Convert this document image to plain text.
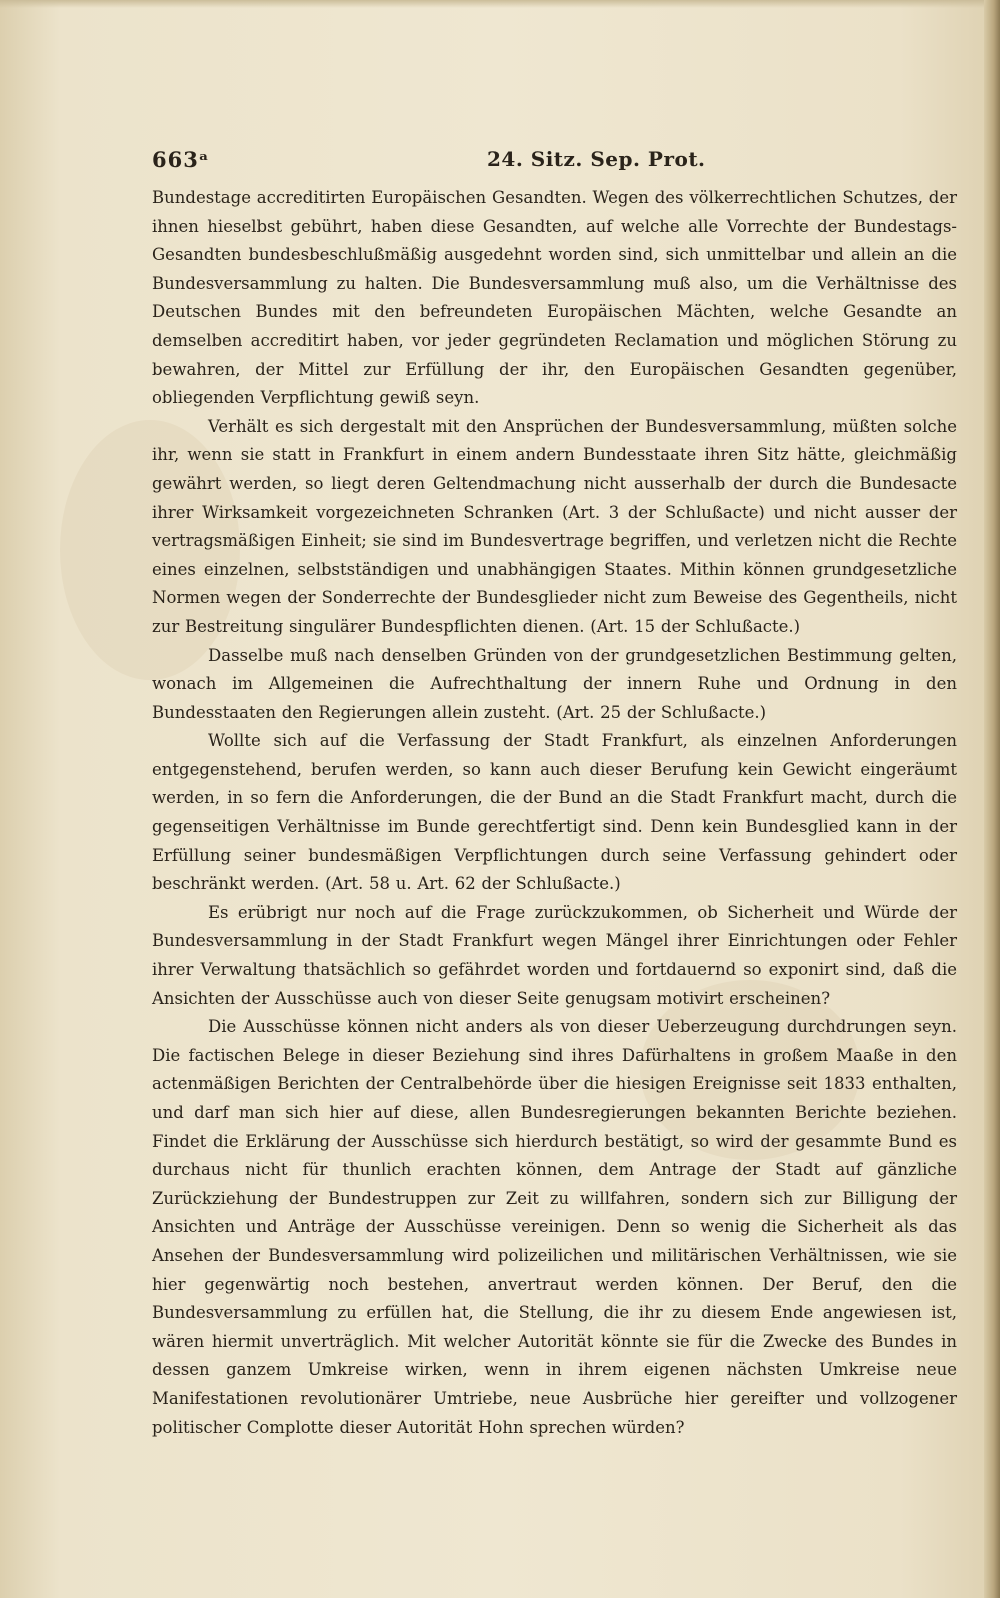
663ᵃ	24. Sitz. Sep. Prot.

Bundestage accreditirten Europäischen Gesandten. Wegen des völkerrechtlichen Schutzes, der ihnen hieselbst gebührt, haben diese Gesandten, auf welche alle Vorrechte der Bundestags-Gesandten bundesbeschlußmäßig ausgedehnt worden sind, sich unmittelbar und allein an die Bundesversammlung zu halten. Die Bundesversammlung muß also, um die Verhältnisse des Deutschen Bundes mit den befreundeten Europäischen Mächten, welche Gesandte an demselben accreditirt haben, vor jeder gegründeten Reclamation und möglichen Störung zu bewahren, der Mittel zur Erfüllung der ihr, den Europäischen Gesandten gegenüber, obliegenden Verpflichtung gewiß seyn.

Verhält es sich dergestalt mit den Ansprüchen der Bundesversammlung, müßten solche ihr, wenn sie statt in Frankfurt in einem andern Bundesstaate ihren Sitz hätte, gleichmäßig gewährt werden, so liegt deren Geltendmachung nicht ausserhalb der durch die Bundesacte ihrer Wirksamkeit vorgezeichneten Schranken (Art. 3 der Schlußacte) und nicht ausser der vertragsmäßigen Einheit; sie sind im Bundesvertrage begriffen, und verletzen nicht die Rechte eines einzelnen, selbstständigen und unabhängigen Staates. Mithin können grundgesetzliche Normen wegen der Sonderrechte der Bundesglieder nicht zum Beweise des Gegentheils, nicht zur Bestreitung singulärer Bundespflichten dienen. (Art. 15 der Schlußacte.)

Dasselbe muß nach denselben Gründen von der grundgesetzlichen Bestimmung gelten, wonach im Allgemeinen die Aufrechthaltung der innern Ruhe und Ordnung in den Bundesstaaten den Regierungen allein zusteht. (Art. 25 der Schlußacte.)

Wollte sich auf die Verfassung der Stadt Frankfurt, als einzelnen Anforderungen entgegenstehend, berufen werden, so kann auch dieser Berufung kein Gewicht eingeräumt werden, in so fern die Anforderungen, die der Bund an die Stadt Frankfurt macht, durch die gegenseitigen Verhältnisse im Bunde gerechtfertigt sind. Denn kein Bundesglied kann in der Erfüllung seiner bundesmäßigen Verpflichtungen durch seine Verfassung gehindert oder beschränkt werden. (Art. 58 u. Art. 62 der Schlußacte.)

Es erübrigt nur noch auf die Frage zurückzukommen, ob Sicherheit und Würde der Bundesversammlung in der Stadt Frankfurt wegen Mängel ihrer Einrichtungen oder Fehler ihrer Verwaltung thatsächlich so gefährdet worden und fortdauernd so exponirt sind, daß die Ansichten der Ausschüsse auch von dieser Seite genugsam motivirt erscheinen?

Die Ausschüsse können nicht anders als von dieser Ueberzeugung durchdrungen seyn. Die factischen Belege in dieser Beziehung sind ihres Dafürhaltens in großem Maaße in den actenmäßigen Berichten der Centralbehörde über die hiesigen Ereignisse seit 1833 enthalten, und darf man sich hier auf diese, allen Bundesregierungen bekannten Berichte beziehen. Findet die Erklärung der Ausschüsse sich hierdurch bestätigt, so wird der gesammte Bund es durchaus nicht für thunlich erachten können, dem Antrage der Stadt auf gänzliche Zurückziehung der Bundestruppen zur Zeit zu willfahren, sondern sich zur Billigung der Ansichten und Anträge der Ausschüsse vereinigen. Denn so wenig die Sicherheit als das Ansehen der Bundesversammlung wird polizeilichen und militärischen Verhältnissen, wie sie hier gegenwärtig noch bestehen, anvertraut werden können. Der Beruf, den die Bundesversammlung zu erfüllen hat, die Stellung, die ihr zu diesem Ende angewiesen ist, wären hiermit unverträglich. Mit welcher Autorität könnte sie für die Zwecke des Bundes in dessen ganzem Umkreise wirken, wenn in ihrem eigenen nächsten Umkreise neue Manifestationen revolutionärer Umtriebe, neue Ausbrüche hier gereifter und vollzogener politischer Complotte dieser Autorität Hohn sprechen würden?
